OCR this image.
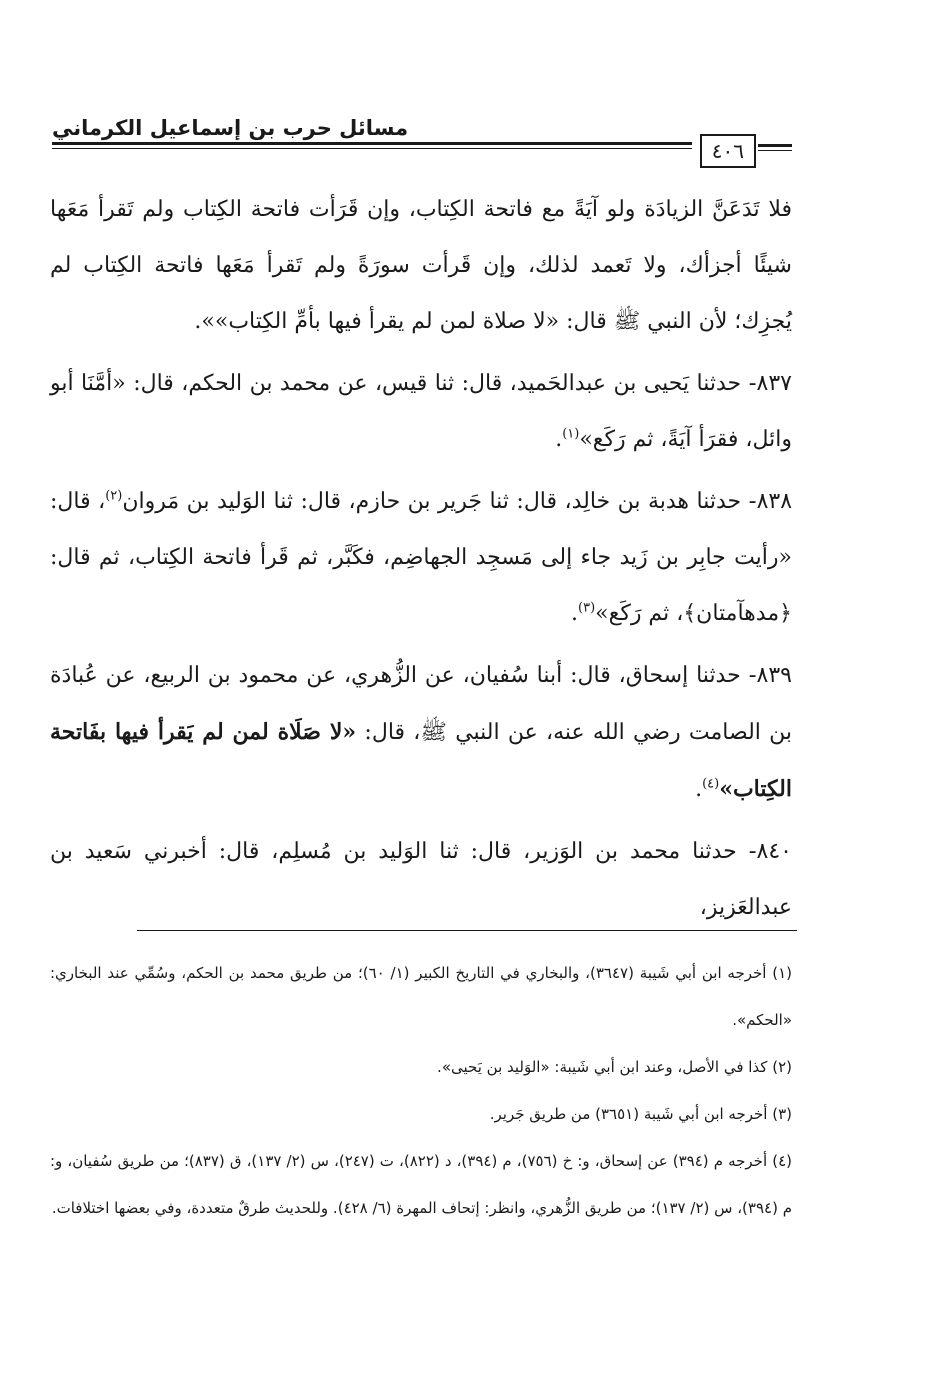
مسائل حرب بن إسماعيل الكرماني
٤٠٦

فلا تَدَعَنَّ الزيادَة ولو آيَةً مع فاتحة الكِتاب، وإن قَرَأت فاتحة الكِتاب ولم تَقرأ مَعَها شيئًا أجزأك، ولا تَعمد لذلك، وإن قَرأت سورَةً ولم تَقرأ مَعَها فاتحة الكِتاب لم يُجزِك؛ لأن النبي ﷺ قال: «لا صلاة لمن لم يقرأ فيها بأمِّ الكِتاب»».

٨٣٧- حدثنا يَحيى بن عبدالحَميد، قال: ثنا قيس، عن محمد بن الحكم، قال: «أمَّنَا أبو وائل، فقرَأ آيَةً، ثم رَكَع»$^{(١)}$.

٨٣٨- حدثنا هدبة بن خالِد، قال: ثنا جَرير بن حازم، قال: ثنا الوَليد بن مَروان$^{(٢)}$، قال: «رأيت جابِر بن زَيد جاء إلى مَسجِد الجهاضِم، فكَبَّر، ثم قَرأ فاتحة الكِتاب، ثم قال: ﴿مدهآمتان﴾، ثم رَكَع»$^{(٣)}$.

٨٣٩- حدثنا إسحاق، قال: أبنا سُفيان، عن الزُّهري، عن محمود بن الربيع، عن عُبادَة بن الصامت رضي الله عنه، عن النبي ﷺ، قال: «لا صَلَاة لمن لم يَقرأ فيها بفَاتحة الكِتاب»$^{(٤)}$.

٨٤٠- حدثنا محمد بن الوَزير، قال: ثنا الوَليد بن مُسلِم، قال: أخبرني سَعيد بن عبدالعَزيز،

(١) أخرجه ابن أبي شَيبة (٣٦٤٧)، والبخاري في التاريخ الكبير (١/ ٦٠)؛ من طريق محمد بن الحكم، وسُمِّي عند البخاري: «الحكم».

(٢) كذا في الأصل، وعند ابن أبي شَيبة: «الوَليد بن يَحيى».

(٣) أخرجه ابن أبي شَيبة (٣٦٥١) من طريق جَرير.

(٤) أخرجه م (٣٩٤) عن إسحاق، و: خ (٧٥٦)، م (٣٩٤)، د (٨٢٢)، ت (٢٤٧)، س (٢/ ١٣٧)، ق (٨٣٧)؛ من طريق سُفيان، و: م (٣٩٤)، س (٢/ ١٣٧)؛ من طريق الزُّهري، وانظر: إتحاف المهرة (٦/ ٤٢٨). وللحديث طرقٌ متعددة، وفي بعضها اختلافات.
